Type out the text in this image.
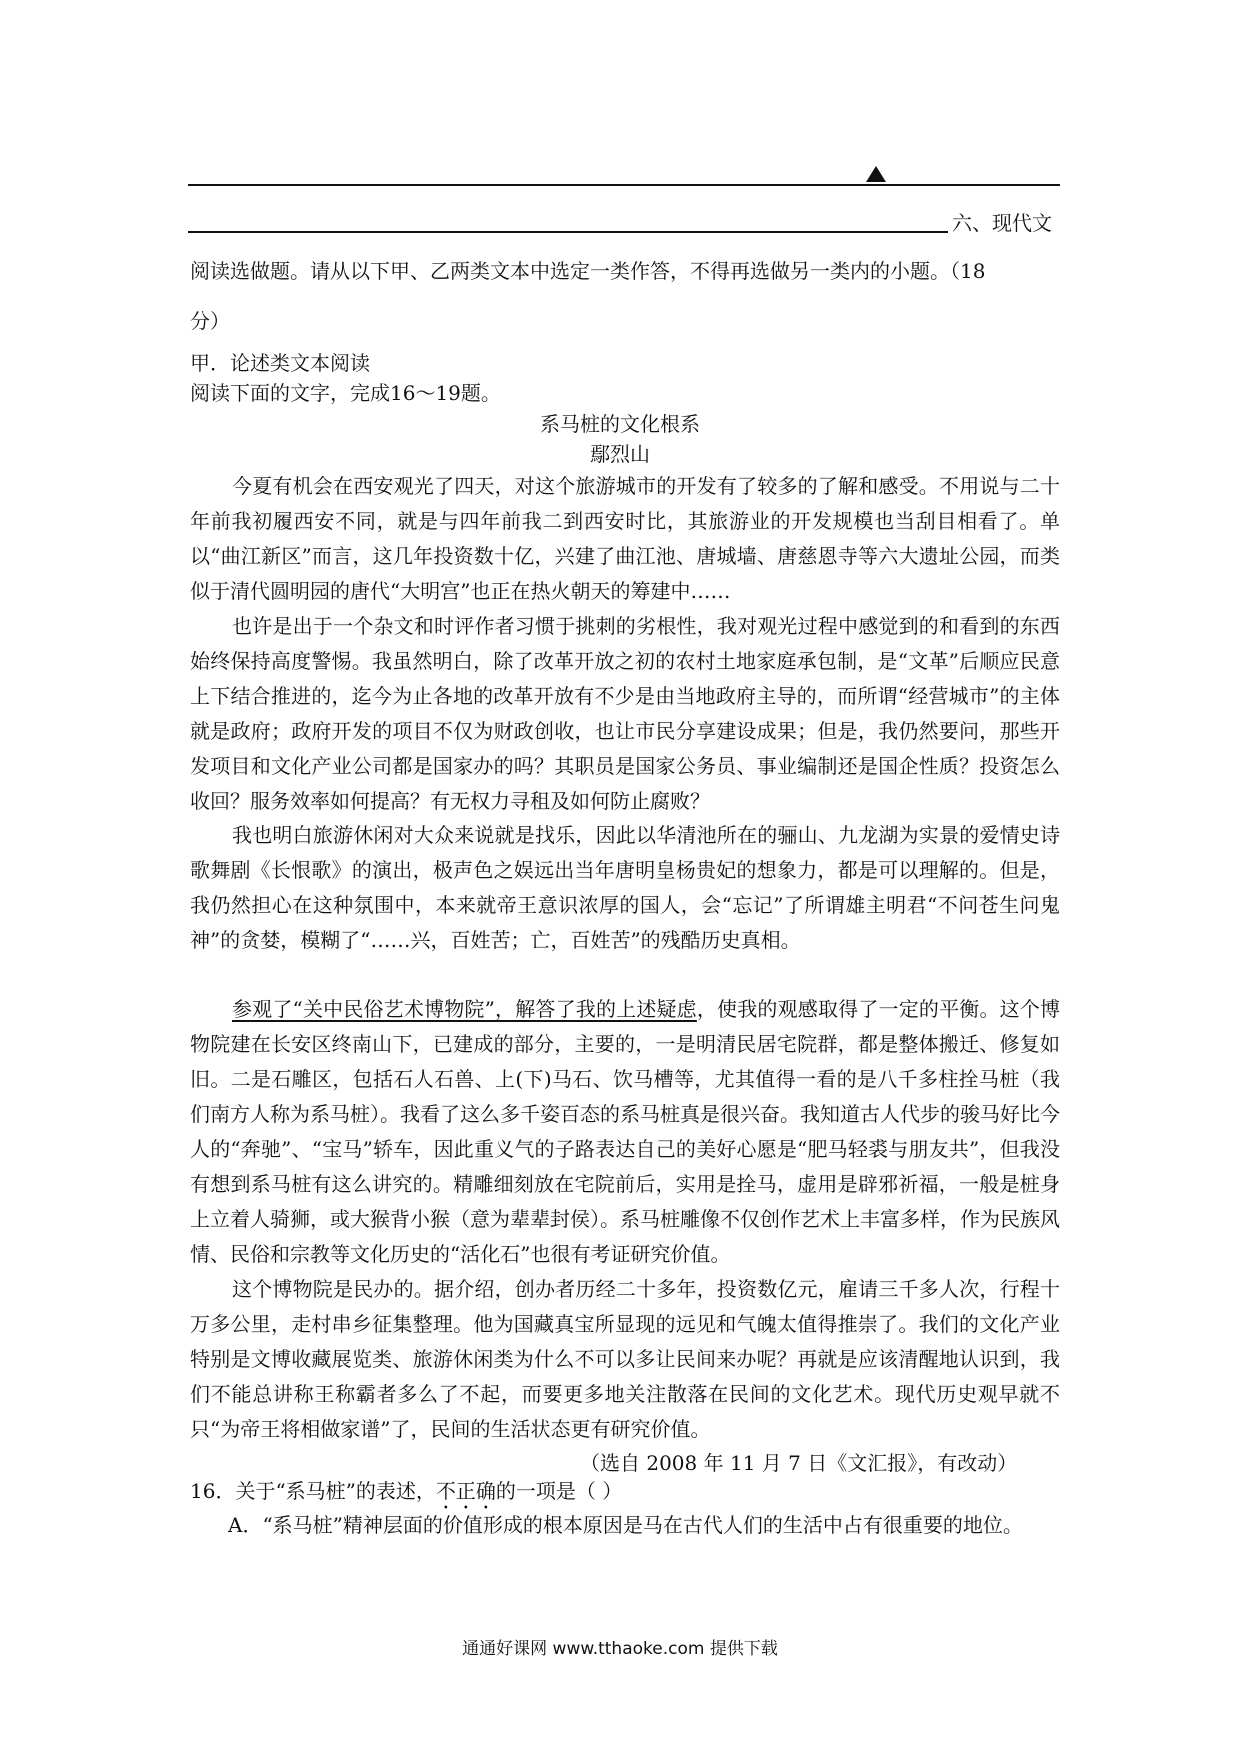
六、现代文
阅读选做题。请从以下甲、乙两类文本中选定一类作答，不得再选做另一类内的小题。（18
分）
甲．论述类文本阅读
阅读下面的文字，完成16～19题。
系马桩的文化根系
鄢烈山
今夏有机会在西安观光了四天，对这个旅游城市的开发有了较多的了解和感受。不用说与二十年前我初履西安不同，就是与四年前我二到西安时比，其旅游业的开发规模也当刮目相看了。单以“曲江新区”而言，这几年投资数十亿，兴建了曲江池、唐城墙、唐慈恩寺等六大遗址公园，而类似于清代圆明园的唐代“大明宫”也正在热火朝天的筹建中……
也许是出于一个杂文和时评作者习惯于挑刺的劣根性，我对观光过程中感觉到的和看到的东西始终保持高度警惕。我虽然明白，除了改革开放之初的农村土地家庭承包制，是“文革”后顺应民意上下结合推进的，迄今为止各地的改革开放有不少是由当地政府主导的，而所谓“经营城市”的主体就是政府；政府开发的项目不仅为财政创收，也让市民分享建设成果；但是，我仍然要问，那些开发项目和文化产业公司都是国家办的吗？其职员是国家公务员、事业编制还是国企性质？投资怎么收回？服务效率如何提高？有无权力寻租及如何防止腐败？
我也明白旅游休闲对大众来说就是找乐，因此以华清池所在的骊山、九龙湖为实景的爱情史诗歌舞剧《长恨歌》的演出，极声色之娱远出当年唐明皇杨贵妃的想象力，都是可以理解的。但是，我仍然担心在这种氛围中，本来就帝王意识浓厚的国人，会“忘记”了所谓雄主明君“不问苍生问鬼神”的贪婪，模糊了“……兴，百姓苦；亡，百姓苦”的残酷历史真相。
参观了“关中民俗艺术博物院”，解答了我的上述疑虑，使我的观感取得了一定的平衡。这个博物院建在长安区终南山下，已建成的部分，主要的，一是明清民居宅院群，都是整体搬迁、修复如旧。二是石雕区，包括石人石兽、上(下)马石、饮马槽等，尤其值得一看的是八千多柱拴马桩（我们南方人称为系马桩）。我看了这么多千姿百态的系马桩真是很兴奋。我知道古人代步的骏马好比今人的“奔驰”、“宝马”轿车，因此重义气的子路表达自己的美好心愿是“肥马轻裘与朋友共”，但我没有想到系马桩有这么讲究的。精雕细刻放在宅院前后，实用是拴马，虚用是辟邪祈福，一般是桩身上立着人骑狮，或大猴背小猴（意为辈辈封侯）。系马桩雕像不仅创作艺术上丰富多样，作为民族风情、民俗和宗教等文化历史的“活化石”也很有考证研究价值。
这个博物院是民办的。据介绍，创办者历经二十多年，投资数亿元，雇请三千多人次，行程十万多公里，走村串乡征集整理。他为国藏真宝所显现的远见和气魄太值得推崇了。我们的文化产业特别是文博收藏展览类、旅游休闲类为什么不可以多让民间来办呢？再就是应该清醒地认识到，我们不能总讲称王称霸者多么了不起，而要更多地关注散落在民间的文化艺术。现代历史观早就不只“为帝王将相做家谱”了，民间的生活状态更有研究价值。
（选自 2008 年 11 月 7 日《文汇报》，有改动）
16．关于“系马桩”的表述，不正确的一项是（ ）
A．“系马桩”精神层面的价值形成的根本原因是马在古代人们的生活中占有很重要的地位。
通通好课网 www.tthaoke.com 提供下载
